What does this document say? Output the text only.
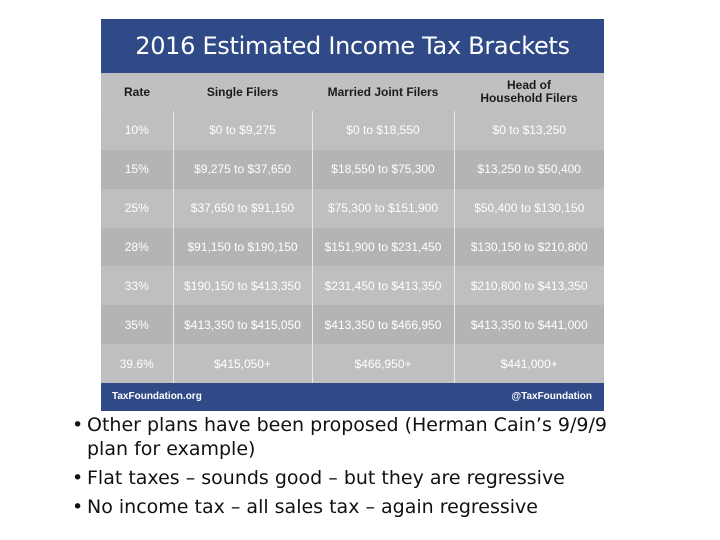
2016 Estimated Income Tax Brackets
Rate	Single Filers	Married Joint Filers	Head of Household Filers
10%	$0 to $9,275	$0 to $18,550	$0 to $13,250
15%	$9,275 to $37,650	$18,550 to $75,300	$13,250 to $50,400
25%	$37,650 to $91,150	$75,300 to $151,900	$50,400 to $130,150
28%	$91,150 to $190,150	$151,900 to $231,450	$130,150 to $210,800
33%	$190,150 to $413,350	$231,450 to $413,350	$210,800 to $413,350
35%	$413,350 to $415,050	$413,350 to $466,950	$413,350 to $441,000
39.6%	$415,050+	$466,950+	$441,000+
TaxFoundation.org	@TaxFoundation
• Other plans have been proposed (Herman Cain’s 9/9/9
plan for example)
• Flat taxes – sounds good – but they are regressive
• No income tax – all sales tax – again regressive
